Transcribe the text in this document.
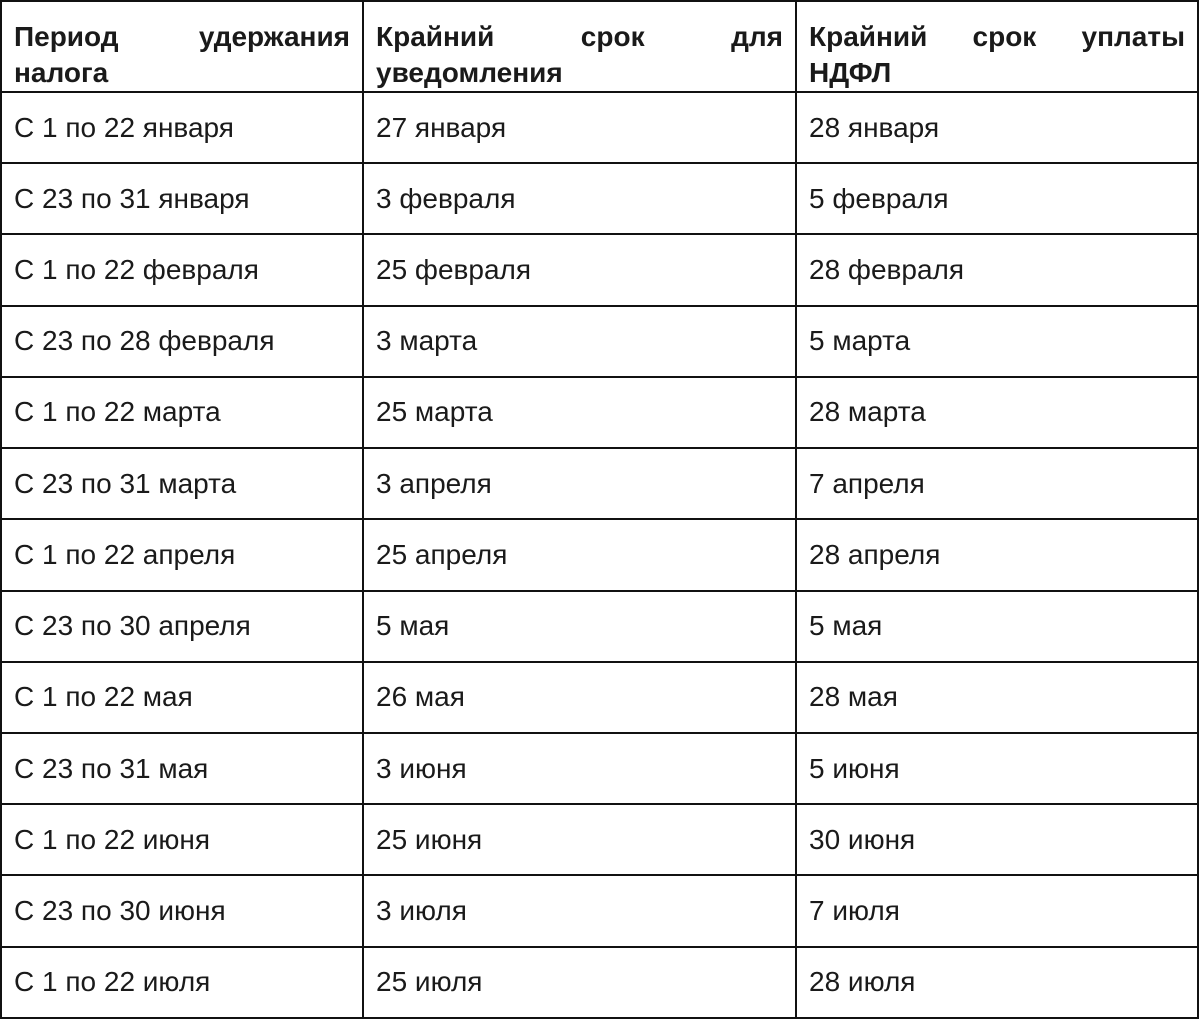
Период удержания налога	Крайний срок для уведомления	Крайний срок уплаты НДФЛ
С 1 по 22 января	27 января	28 января
С 23 по 31 января	3 февраля	5 февраля
С 1 по 22 февраля	25 февраля	28 февраля
С 23 по 28 февраля	3 марта	5 марта
С 1 по 22 марта	25 марта	28 марта
С 23 по 31 марта	3 апреля	7 апреля
С 1 по 22 апреля	25 апреля	28 апреля
С 23 по 30 апреля	5 мая	5 мая
С 1 по 22 мая	26 мая	28 мая
С 23 по 31 мая	3 июня	5 июня
С 1 по 22 июня	25 июня	30 июня
С 23 по 30 июня	3 июля	7 июля
С 1 по 22 июля	25 июля	28 июля
